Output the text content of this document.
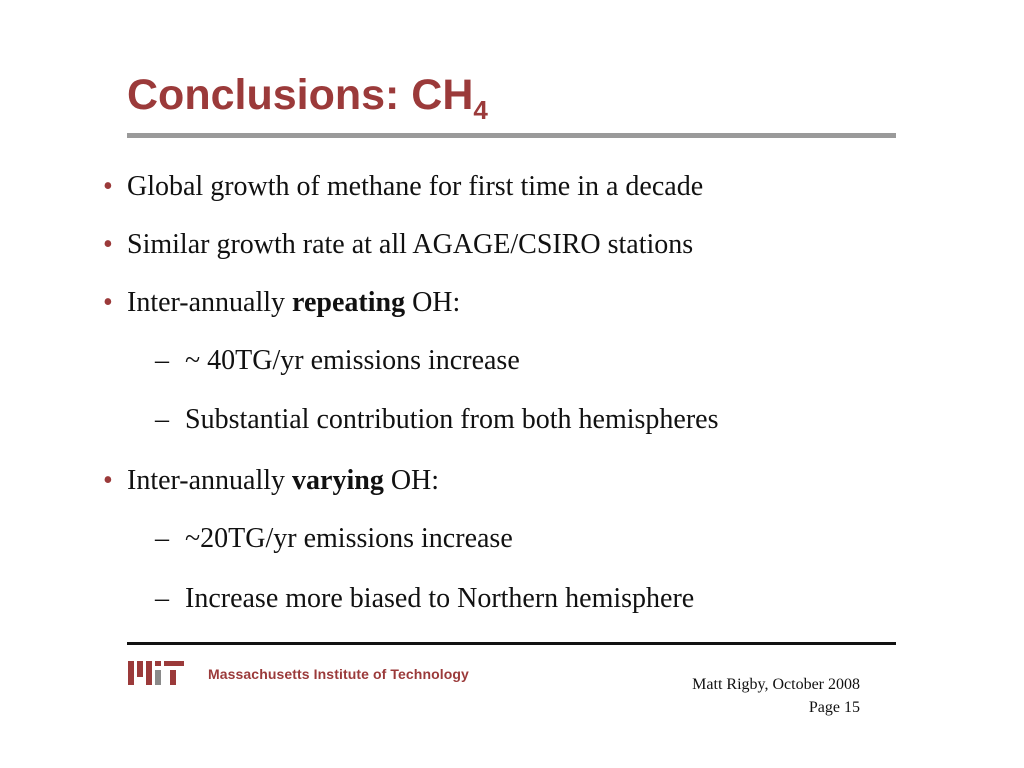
Conclusions: $CH_4$
• Global growth of methane for first time in a decade
• Similar growth rate at all AGAGE/CSIRO stations
• Inter-annually repeating OH:
– ~ 40TG/yr emissions increase
– Substantial contribution from both hemispheres
• Inter-annually varying OH:
– ~20TG/yr emissions increase
– Increase more biased to Northern hemisphere
Massachusetts Institute of Technology
Matt Rigby, October 2008
Page 15
